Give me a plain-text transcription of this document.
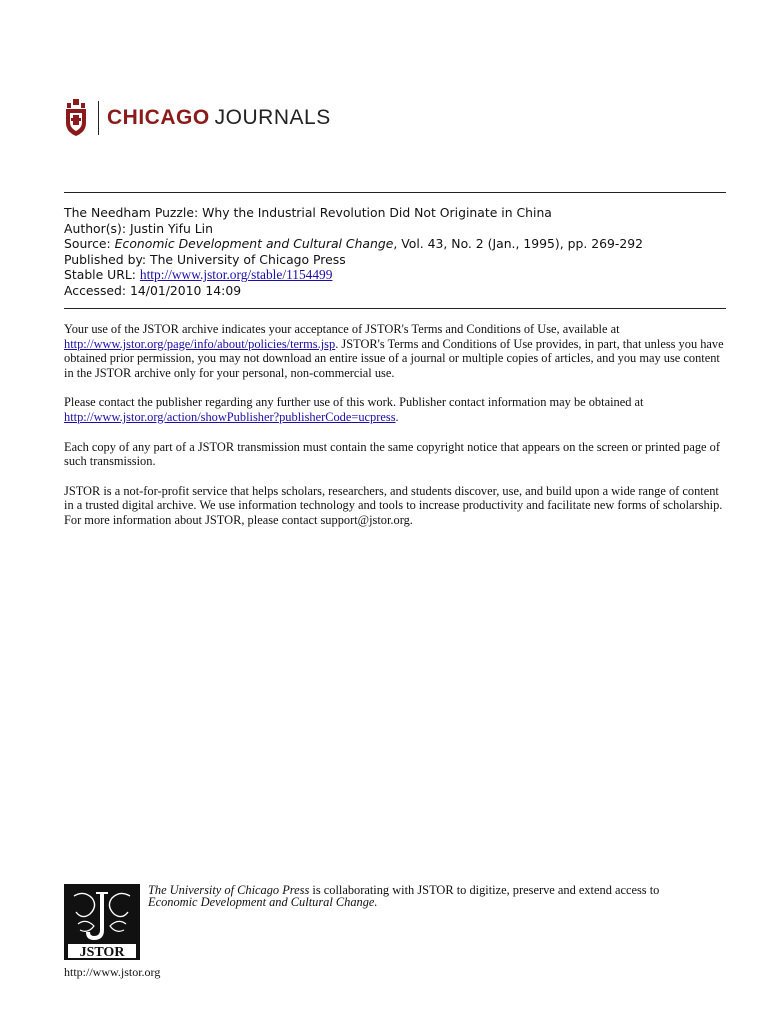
CHICAGO JOURNALS
The Needham Puzzle: Why the Industrial Revolution Did Not Originate in China
Author(s): Justin Yifu Lin
Source: Economic Development and Cultural Change, Vol. 43, No. 2 (Jan., 1995), pp. 269-292
Published by: The University of Chicago Press
Stable URL: http://www.jstor.org/stable/1154499
Accessed: 14/01/2010 14:09

Your use of the JSTOR archive indicates your acceptance of JSTOR's Terms and Conditions of Use, available at
http://www.jstor.org/page/info/about/policies/terms.jsp. JSTOR's Terms and Conditions of Use provides, in part, that unless you have obtained prior permission, you may not download an entire issue of a journal or multiple copies of articles, and you may use content in the JSTOR archive only for your personal, non-commercial use.

Please contact the publisher regarding any further use of this work. Publisher contact information may be obtained at
http://www.jstor.org/action/showPublisher?publisherCode=ucpress.

Each copy of any part of a JSTOR transmission must contain the same copyright notice that appears on the screen or printed page of such transmission.

JSTOR is a not-for-profit service that helps scholars, researchers, and students discover, use, and build upon a wide range of content in a trusted digital archive. We use information technology and tools to increase productivity and facilitate new forms of scholarship. For more information about JSTOR, please contact support@jstor.org.

JSTOR
The University of Chicago Press is collaborating with JSTOR to digitize, preserve and extend access to
Economic Development and Cultural Change.
http://www.jstor.org
